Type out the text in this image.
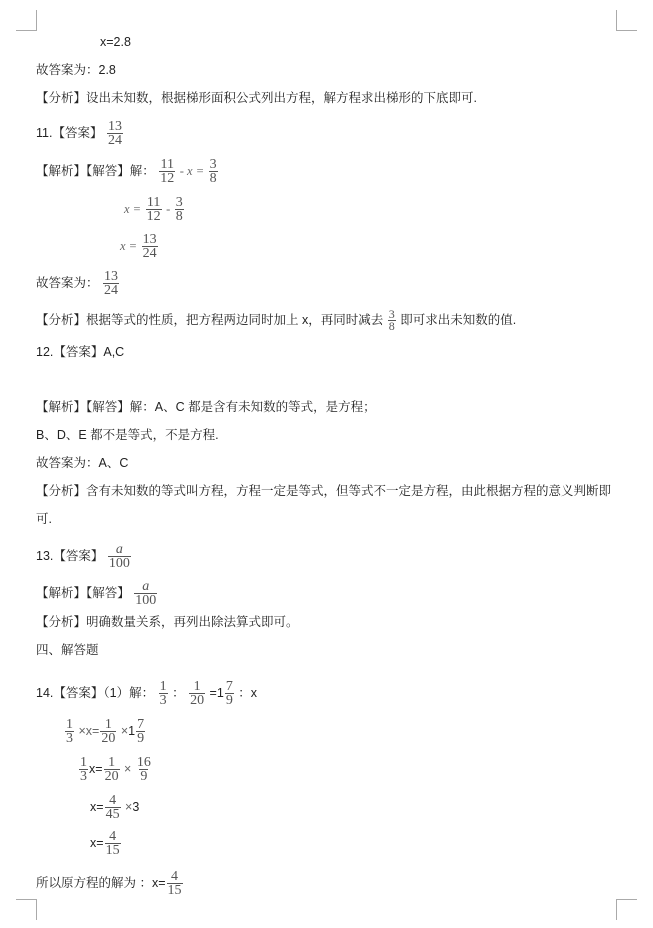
x=2.8
故答案为：2.8
【分析】设出未知数，根据梯形面积公式列出方程，解方程求出梯形的下底即可.
11.【答案】 $\frac{13}{24}$
【解析】【解答】解： $\frac{11}{12} - x = \frac{3}{8}$
$x = \frac{11}{12} - \frac{3}{8}$
$x = \frac{13}{24}$
故答案为： $\frac{13}{24}$
【分析】根据等式的性质，把方程两边同时加上 x，再同时减去 $\frac{3}{8}$ 即可求出未知数的值.
12.【答案】A,C
【解析】【解答】解：A、C 都是含有未知数的等式，是方程；
B、D、E 都不是等式，不是方程.
故答案为：A、C
【分析】含有未知数的等式叫方程，方程一定是等式，但等式不一定是方程，由此根据方程的意义判断即
可.
13.【答案】 $\frac{a}{100}$
【解析】【解答】 $\frac{a}{100}$
【分析】明确数量关系，再列出除法算式即可。
四、解答题
14.【答案】（1）解： $\frac{1}{3}$ ： $\frac{1}{20} =1 \frac{7}{9}$ ：x
$\frac{1}{3} \times x= \frac{1}{20} \times 1 \frac{7}{9}$
$\frac{1}{3} x= \frac{1}{20} \times \frac{16}{9}$
$x= \frac{4}{45} \times 3$
$x= \frac{4}{15}$
所以原方程的解为 ：$x= \frac{4}{15}$
